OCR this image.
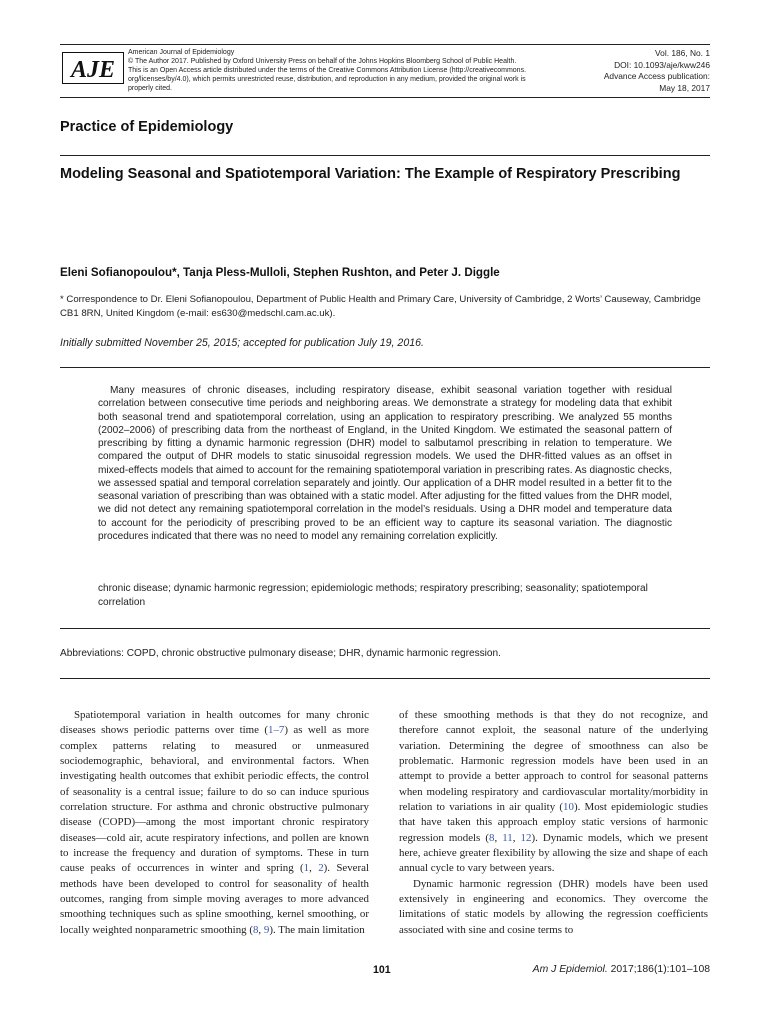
AJE

American Journal of Epidemiology

© The Author 2017. Published by Oxford University Press on behalf of the Johns Hopkins Bloomberg School of Public Health.

This is an Open Access article distributed under the terms of the Creative Commons Attribution License (http://creativecommons.

org/licenses/by/4.0), which permits unrestricted reuse, distribution, and reproduction in any medium, provided the original work is

properly cited.

Vol. 186, No. 1
DOI: 10.1093/aje/kww246
Advance Access publication:
May 18, 2017
Practice of Epidemiology
Modeling Seasonal and Spatiotemporal Variation: The Example of Respiratory Prescribing
Eleni Sofianopoulou*, Tanja Pless-Mulloli, Stephen Rushton, and Peter J. Diggle
* Correspondence to Dr. Eleni Sofianopoulou, Department of Public Health and Primary Care, University of Cambridge, 2 Worts’ Causeway, Cambridge CB1 8RN, United Kingdom (e-mail: es630@medschl.cam.ac.uk).
Initially submitted November 25, 2015; accepted for publication July 19, 2016.

Many measures of chronic diseases, including respiratory disease, exhibit seasonal variation together with residual correlation between consecutive time periods and neighboring areas. We demonstrate a strategy for modeling data that exhibit both seasonal trend and spatiotemporal correlation, using an application to respiratory prescribing. We analyzed 55 months (2002–2006) of prescribing data from the northeast of England, in the United Kingdom. We estimated the seasonal pattern of prescribing by fitting a dynamic harmonic regression (DHR) model to salbutamol prescribing in relation to temperature. We compared the output of DHR models to static sinusoidal regression models. We used the DHR-fitted values as an offset in mixed-effects models that aimed to account for the remaining spatiotemporal variation in prescribing rates. As diagnostic checks, we assessed spatial and temporal correlation separately and jointly. Our application of a DHR model resulted in a better fit to the seasonal variation of prescribing than was obtained with a static model. After adjusting for the fitted values from the DHR model, we did not detect any remaining spatiotemporal correlation in the model’s residuals. Using a DHR model and temperature data to account for the periodicity of prescribing proved to be an efficient way to capture its seasonal variation. The diagnostic procedures indicated that there was no need to model any remaining correlation explicitly.

chronic disease; dynamic harmonic regression; epidemiologic methods; respiratory prescribing; seasonality; spatiotemporal correlation

Abbreviations: COPD, chronic obstructive pulmonary disease; DHR, dynamic harmonic regression.

Spatiotemporal variation in health outcomes for many chronic diseases shows periodic patterns over time (1–7) as well as more complex patterns relating to measured or unmeasured sociodemographic, behavioral, and environmental factors. When investigating health outcomes that exhibit periodic effects, the control of seasonality is a central issue; failure to do so can induce spurious correlation structure. For asthma and chronic obstructive pulmonary disease (COPD)—among the most important chronic respiratory diseases—cold air, acute respiratory infections, and pollen are known to increase the frequency and duration of symptoms. These in turn cause peaks of occurrences in winter and spring (1, 2). Several methods have been developed to control for seasonality of health outcomes, ranging from simple moving averages to more advanced smoothing techniques such as spline smoothing, kernel smoothing, or locally weighted nonparametric smoothing (8, 9). The main limitation

of these smoothing methods is that they do not recognize, and therefore cannot exploit, the seasonal nature of the underlying variation. Determining the degree of smoothness can also be problematic. Harmonic regression models have been used in an attempt to provide a better approach to control for seasonal patterns when modeling respiratory and cardiovascular mortality/morbidity in relation to variations in air quality (10). Most epidemiologic studies that have taken this approach employ static versions of harmonic regression models (8, 11, 12). Dynamic models, which we present here, achieve greater flexibility by allowing the size and shape of each annual cycle to vary between years.

Dynamic harmonic regression (DHR) models have been used extensively in engineering and economics. They overcome the limitations of static models by allowing the regression coefficients associated with sine and cosine terms to

101	Am J Epidemiol. 2017;186(1):101–108
